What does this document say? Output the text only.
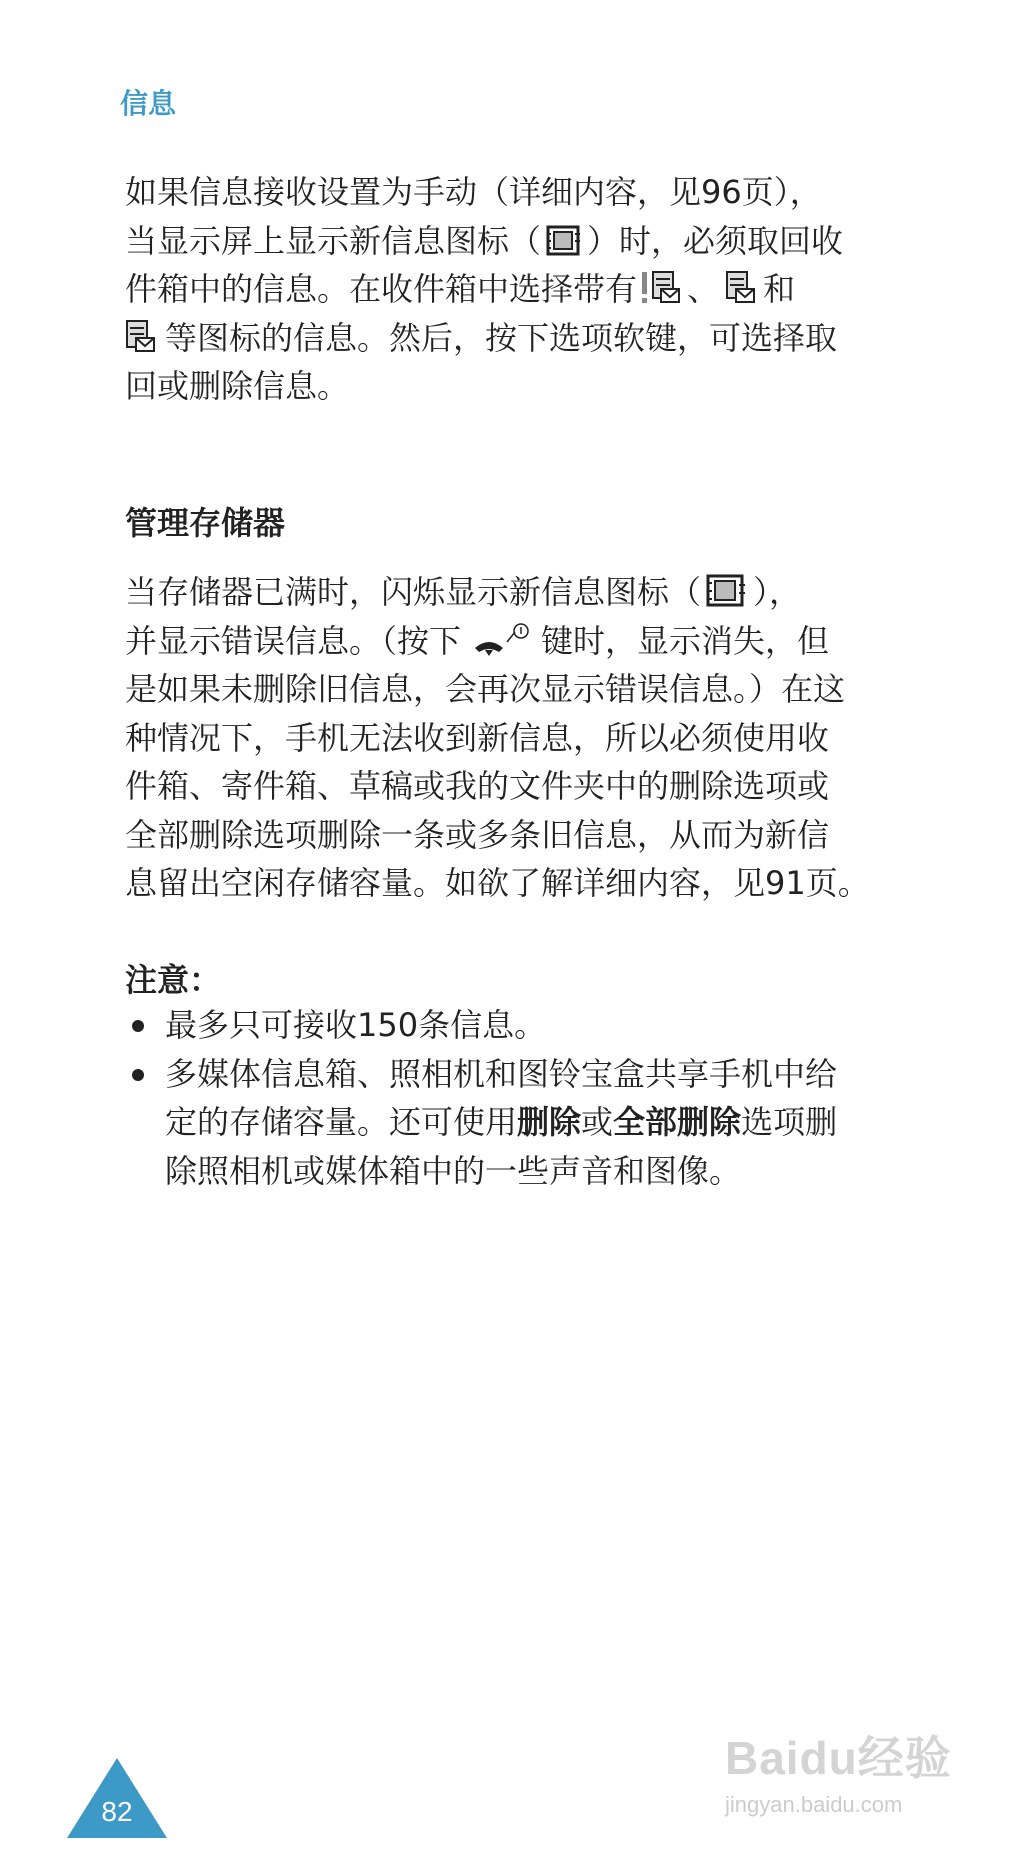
信息
如果信息接收设置为手动（详细内容，见96页），
当显示屏上显示新信息图标（ ）时，必须取回收
件箱中的信息。在收件箱中选择带有 、 和
等图标的信息。然后，按下选项软键，可选择取
回或删除信息。
管理存储器
当存储器已满时，闪烁显示新信息图标（ ），
并显示错误信息。（按下	键时，显示消失，但
是如果未删除旧信息，会再次显示错误信息。）在这
种情况下，手机无法收到新信息，所以必须使用收
件箱、寄件箱、草稿或我的文件夹中的删除选项或
全部删除选项删除一条或多条旧信息，从而为新信
息留出空闲存储容量。如欲了解详细内容，见91页。
注意：
最多只可接收150条信息。
多媒体信息箱、照相机和图铃宝盒共享手机中给
定的存储容量。还可使用删除或全部删除选项删
除照相机或媒体箱中的一些声音和图像。
82
Baidu经验
jingyan.baidu.com
